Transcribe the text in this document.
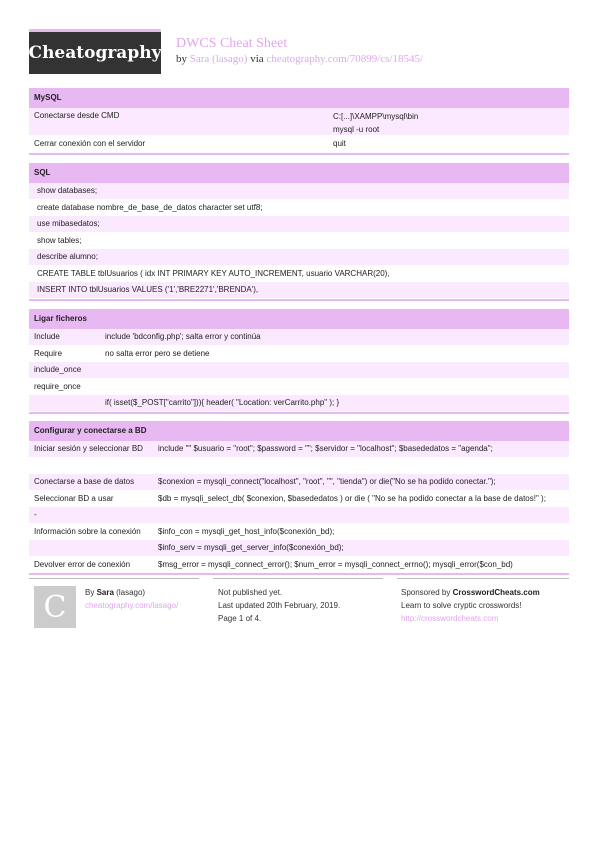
Cheatography DWCS Cheat Sheet
by Sara (lasago) via cheatography.com/70899/cs/18545/
MySQL
Conectarse desde CMD	C:[...]\XAMPP\mysql\bin
mysql -u root
Cerrar conexión con el servidor	quit
SQL
show databases;
create database nombre_de_base_de_datos character set utf8;
use mibasedatos;
show tables;
describe alumno;
CREATE TABLE tblUsuarios ( idx INT PRIMARY KEY AUTO_INCREMENT, usuario VARCHAR(20),
INSERT INTO tblUsuarios VALUES ('1','BRE2271','BRENDA'),
Ligar ficheros
Include	include 'bdconfig.php'; salta error y continúa
Require	no salta error pero se detiene
include_once
require_once
if( isset($_POST["carrito"])){ header( "Location: verCarrito.php" ); }
Configurar y conectarse a BD
Iniciar sesión y seleccionar BD	include "" $usuario = "root"; $password = ""; $servidor = "localhost"; $basededatos = "agenda";
Conectarse a base de datos	$conexion = mysqli_connect("localhost", "root", "", "tienda") or die("No se ha podido conectar.");
Seleccionar BD a usar	$db = mysqli_select_db( $conexion, $basededatos ) or die ( "No se ha podido conectar a la base de datos!" );
-
Información sobre la conexión	$info_con = mysqli_get_host_info($conexión_bd);
$info_serv = mysqli_get_server_info($conexión_bd);
Devolver error de conexión	$msg_error = mysqli_connect_error(); $num_error = mysqli_connect_errno(); mysqli_error($con_bd)
C	By Sara (lasago)
cheatography.com/lasago/
Not published yet.
Last updated 20th February, 2019.
Page 1 of 4.
Sponsored by CrosswordCheats.com
Learn to solve cryptic crosswords!
http://crosswordcheats.com
